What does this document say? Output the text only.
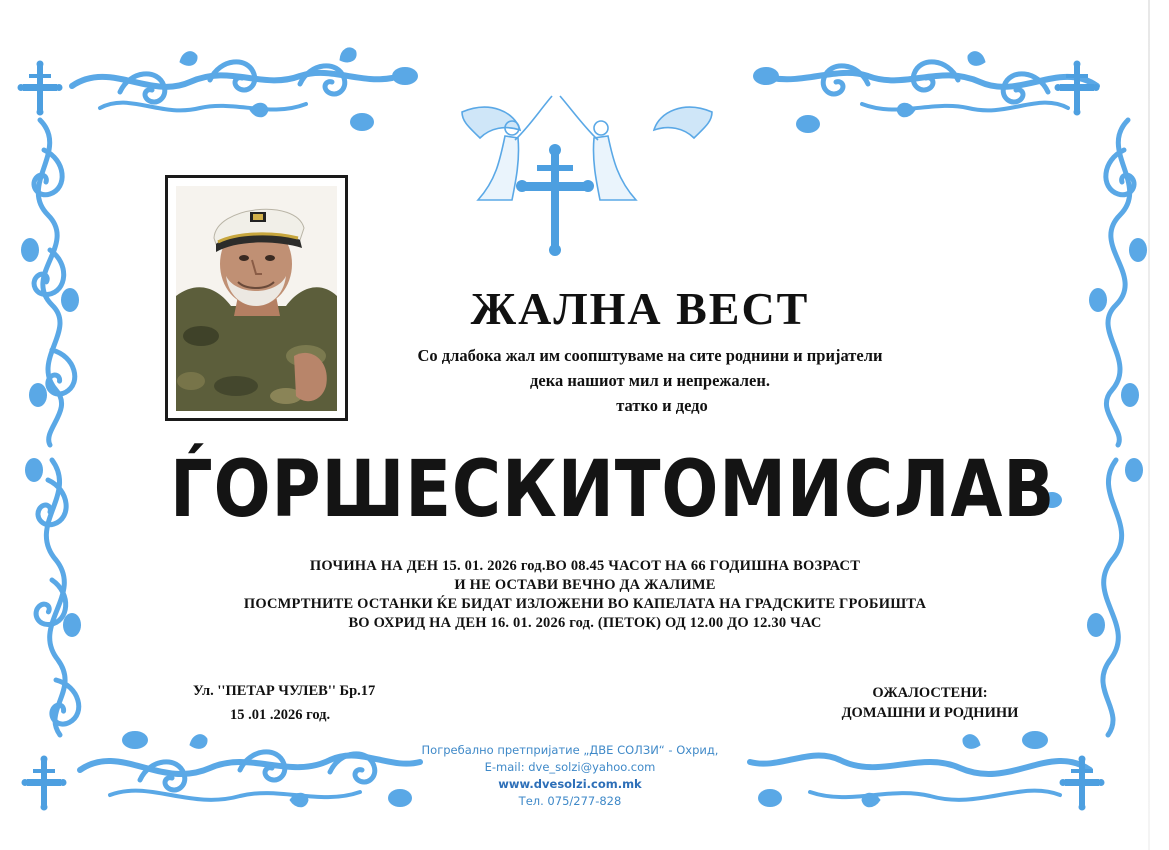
ЖАЛНА ВЕСТ
Со длабока жал им соопштуваме на сите роднини и пријатели
дека нашиот мил и непрежален.
татко и дедо
ЃОРШЕСКИ ТОМИСЛАВ
ПОЧИНА НА ДЕН 15. 01. 2026 год.ВО 08.45 ЧАСОТ НА 66 ГОДИШНА ВОЗРАСТ
И НЕ ОСТАВИ ВЕЧНО ДА ЖАЛИМЕ
ПОСМРТНИТЕ ОСТАНКИ ЌЕ БИДАТ ИЗЛОЖЕНИ ВО КАПЕЛАТА НА ГРАДСКИТЕ ГРОБИШТА
ВО ОХРИД НА ДЕН 16. 01. 2026 год. (ПЕТОК) ОД 12.00 ДО 12.30 ЧАС
Ул. ''ПЕТАР ЧУЛЕВ'' Бр.17
15 .01 .2026 год.
ОЖАЛОСТЕНИ:
ДОМАШНИ И РОДНИНИ
Погребално претпријатие „ДВЕ СОЛЗИ“ - Охрид,
E-mail: dve_solzi@yahoo.com
www.dvesolzi.com.mk
Тел. 075/277-828
